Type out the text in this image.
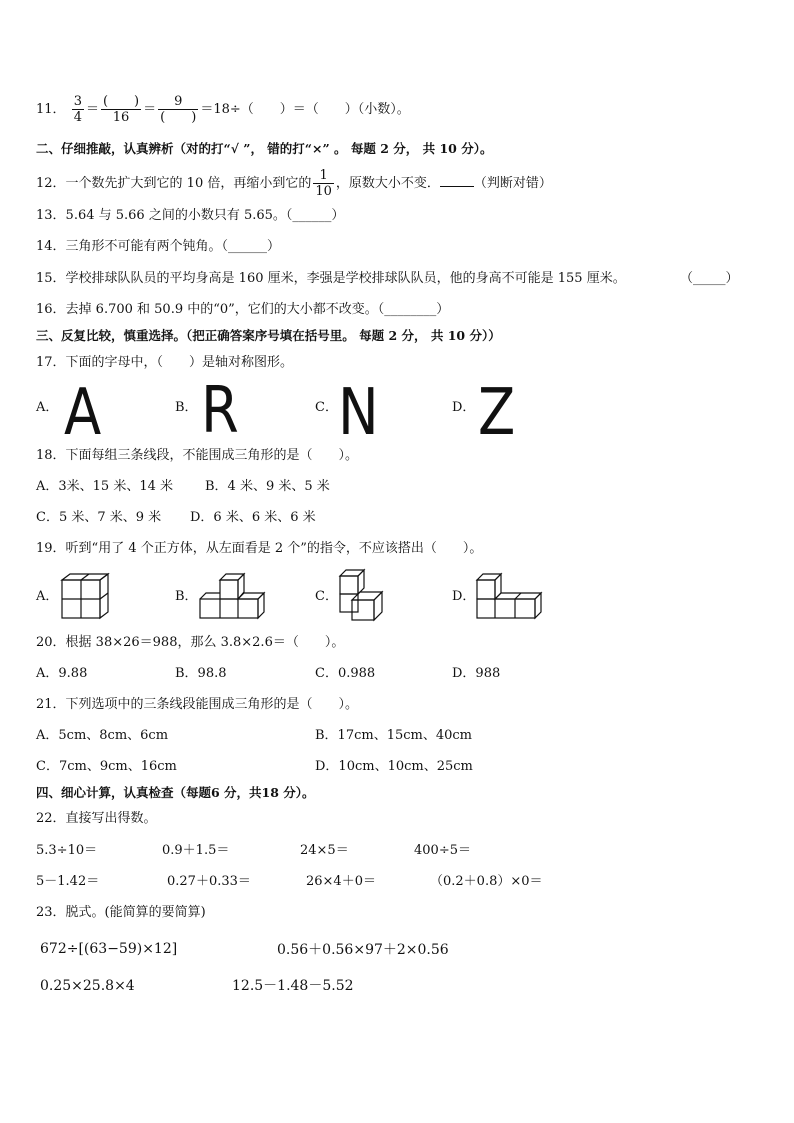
11． $\frac{3}{4} = \frac{( )}{16} = \frac{9}{( )} =18\div$（　　）＝（　　）（小数）。
二、仔细推敲，认真辨析（对的打“√ ”， 错的打“×” 。 每题 2 分， 共 10 分）。
12．一个数先扩大到它的 10 倍，再缩小到它的 $\frac{1}{10}$ ，原数大小不变．	（判断对错）
13．5.64 与 5.66 之间的小数只有 5.65。（______）
14．三角形不可能有两个钝角。（______）
15．学校排球队队员的平均身高是 160 厘米，李强是学校排球队队员，他的身高不可能是 155 厘米。	（_____）
16．去掉 6.700 和 50.9 中的“0”，它们的大小都不改变。（________）
三、反复比较，慎重选择。（把正确答案序号填在括号里。 每题 2 分， 共 10 分））
17．下面的字母中，（　　）是轴对称图形。
A． A	B． R	C． N	D． Z
18．下面每组三条线段，不能围成三角形的是（　　）。
A．3米、15 米、14 米 B．4 米、9 米、5 米
C．5 米、7 米、9 米 D．6 米、6 米、6 米
19．听到“用了 4 个正方体，从左面看是 2 个”的指令，不应该搭出（　　）。
A．	B．	C．	D．
20．根据 38×26＝988，那么 3.8×2.6＝（　　）。
A．9.88	B．98.8	C．0.988	D．988
21．下列选项中的三条线段能围成三角形的是（　　）。
A．5cm、8cm、6cm	B．17cm、15cm、40cm
C．7cm、9cm、16cm	D．10cm、10cm、25cm
四、细心计算，认真检查（每题6 分，共18 分）。
22．直接写出得数。
5.3÷10＝	0.9＋1.5＝	24×5＝	400÷5＝
5－1.42＝	0.27＋0.33＝	26×4＋0＝	（0.2＋0.8）×0＝
23．脱式。(能简算的要简算)
672÷[(63−59)×12]	0.56＋0.56×97＋2×0.56
0.25×25.8×4	12.5－1.48－5.52
